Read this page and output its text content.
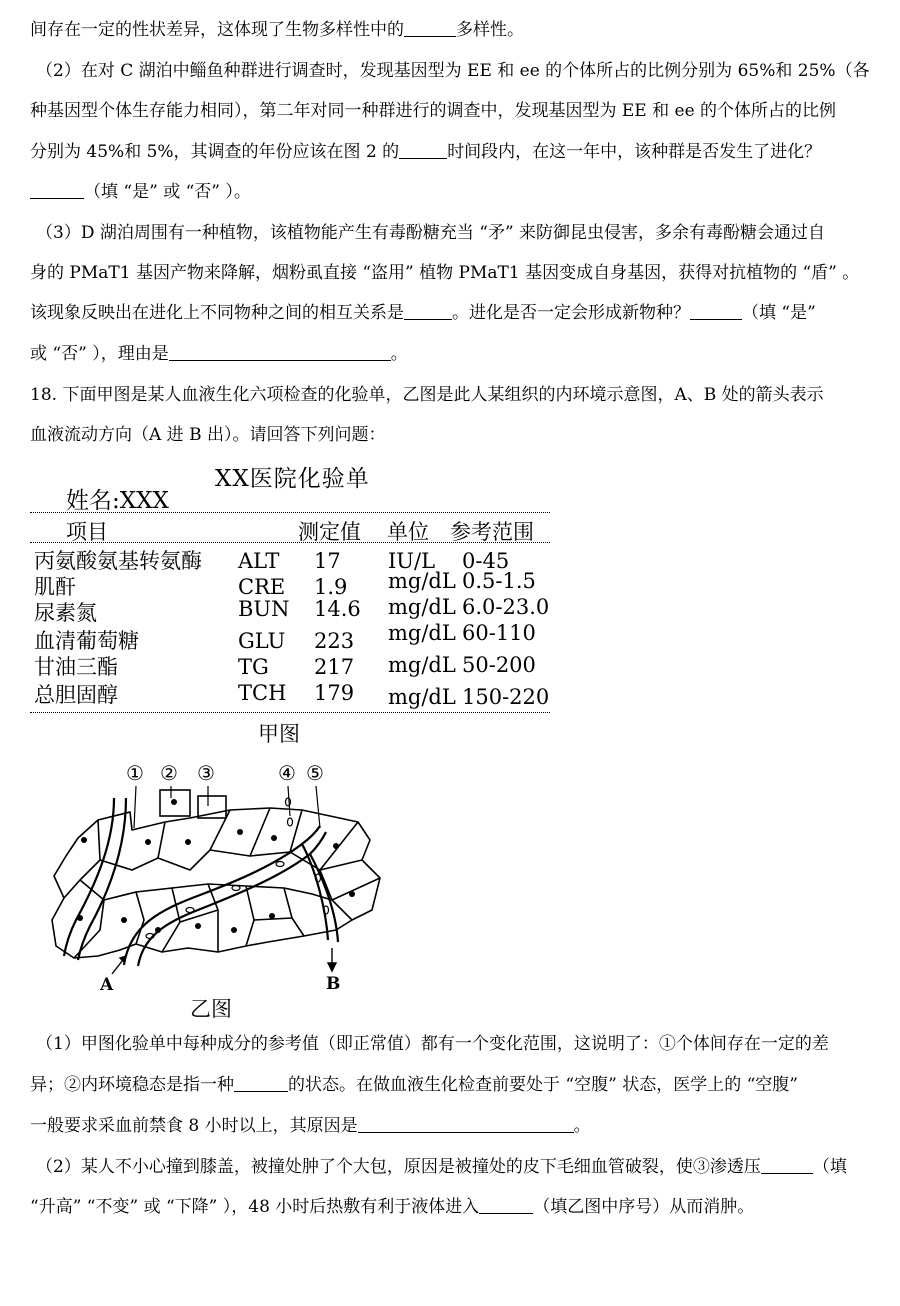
间存在一定的性状差异，这体现了生物多样性中的	多样性。
（2）在对 C 湖泊中鲻鱼种群进行调查时，发现基因型为 EE 和 ee 的个体所占的比例分别为 65%和 25%（各
种基因型个体生存能力相同），第二年对同一种群进行的调查中，发现基因型为 EE 和 ee 的个体所占的比例
分别为 45%和 5%，其调查的年份应该在图 2 的	时间段内，在这一年中，该种群是否发生了进化？
（填 “是” 或 “否” ）。
（3）D 湖泊周围有一种植物，该植物能产生有毒酚糖充当 “矛” 来防御昆虫侵害，多余有毒酚糖会通过自
身的 PMaT1 基因产物来降解，烟粉虱直接 “盗用” 植物 PMaT1 基因变成自身基因，获得对抗植物的 “盾” 。
该现象反映出在进化上不同物种之间的相互关系是	。进化是否一定会形成新物种？	（填 “是”
或 “否” ），理由是	。
18. 下面甲图是某人血液生化六项检查的化验单，乙图是此人某组织的内环境示意图，A、B 处的箭头表示
血液流动方向（A 进 B 出）。请回答下列问题：
XX医院化验单
姓名:XXX
项目	测定值 单位 参考范围
丙氨酸氨基转氨酶 ALT 17 IU/L 0-45
肌酐	CRE 1.9 mg/dL 0.5-1.5
尿素氮	BUN 14.6 mg/dL 6.0-23.0
血清葡萄糖	GLU 223 mg/dL 60-110
甘油三酯	TG 217 mg/dL 50-200
总胆固醇	TCH 179 mg/dL 150-220
甲图
① ② ③	④ ⑤
A	B
乙图
（1）甲图化验单中每种成分的参考值（即正常值）都有一个变化范围，这说明了：①个体间存在一定的差
异；②内环境稳态是指一种	的状态。在做血液生化检查前要处于 “空腹” 状态，医学上的 “空腹”
一般要求采血前禁食 8 小时以上，其原因是	。
（2）某人不小心撞到膝盖，被撞处肿了个大包，原因是被撞处的皮下毛细血管破裂，使③渗透压	（填
“升高” “不变” 或 “下降” ），48 小时后热敷有利于液体进入	（填乙图中序号）从而消肿。
